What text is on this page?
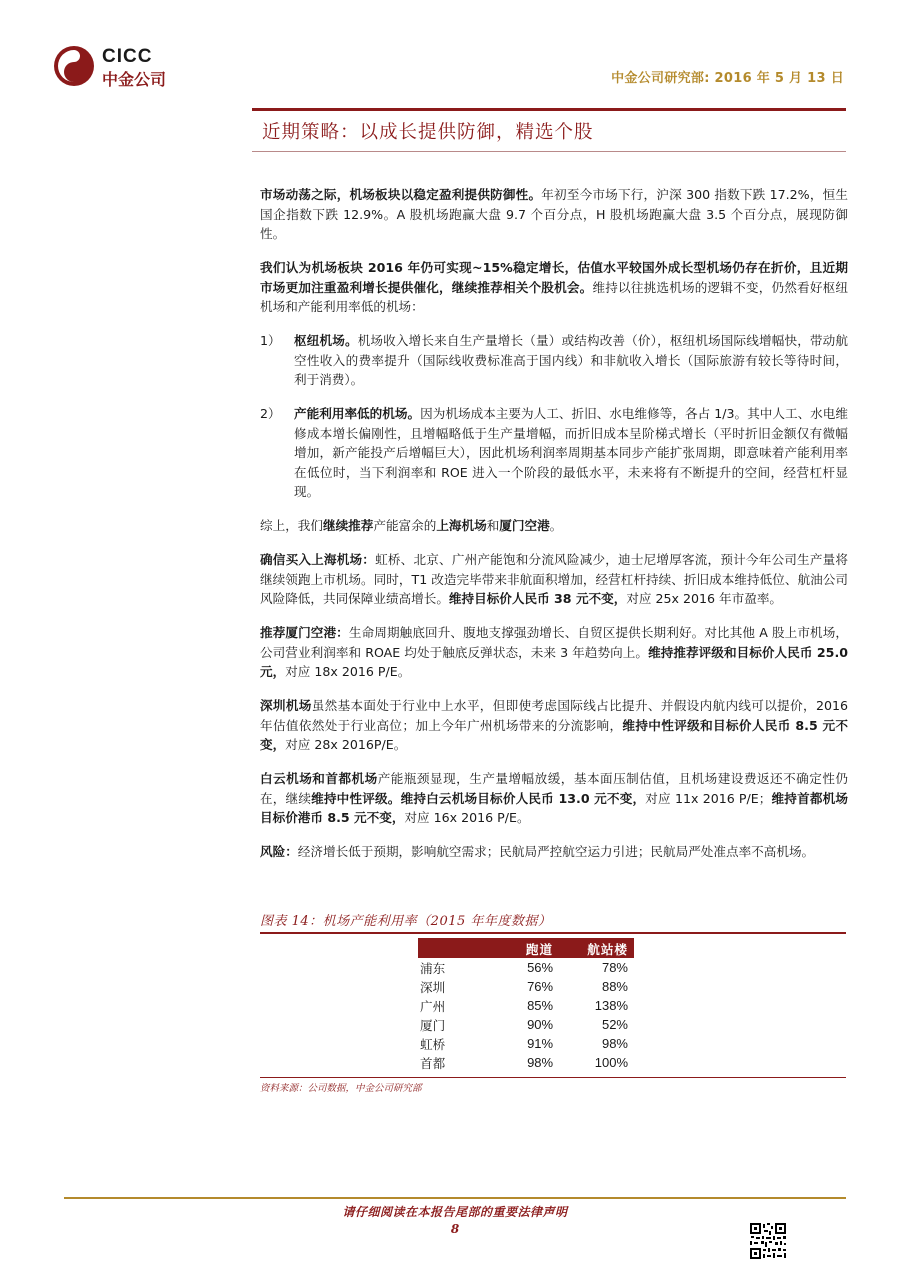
CICC
中金公司	中金公司研究部: 2016 年 5 月 13 日
近期策略：以成长提供防御，精选个股

市场动荡之际，机场板块以稳定盈利提供防御性。年初至今市场下行，沪深 300 指数下跌 17.2%，恒生国企指数下跌 12.9%。A 股机场跑赢大盘 9.7 个百分点，H 股机场跑赢大盘 3.5 个百分点，展现防御性。

我们认为机场板块 2016 年仍可实现~15%稳定增长，估值水平较国外成长型机场仍存在折价，且近期市场更加注重盈利增长提供催化，继续推荐相关个股机会。维持以往挑选机场的逻辑不变，仍然看好枢纽机场和产能利用率低的机场：

1）	枢纽机场。机场收入增长来自生产量增长（量）或结构改善（价），枢纽机场国际线增幅快，带动航空性收入的费率提升（国际线收费标准高于国内线）和非航收入增长（国际旅游有较长等待时间，利于消费）。
2）	产能利用率低的机场。因为机场成本主要为人工、折旧、水电维修等，各占 1/3。其中人工、水电维修成本增长偏刚性，且增幅略低于生产量增幅，而折旧成本呈阶梯式增长（平时折旧金额仅有微幅增加，新产能投产后增幅巨大），因此机场利润率周期基本同步产能扩张周期，即意味着产能利用率在低位时，当下利润率和 ROE 进入一个阶段的最低水平，未来将有不断提升的空间，经营杠杆显现。

综上，我们继续推荐产能富余的上海机场和厦门空港。

确信买入上海机场：虹桥、北京、广州产能饱和分流风险减少，迪士尼增厚客流，预计今年公司生产量将继续领跑上市机场。同时，T1 改造完毕带来非航面积增加，经营杠杆持续、折旧成本维持低位、航油公司风险降低，共同保障业绩高增长。维持目标价人民币 38 元不变，对应 25x 2016 年市盈率。

推荐厦门空港：生命周期触底回升、腹地支撑强劲增长、自贸区提供长期利好。对比其他 A 股上市机场，公司营业利润率和 ROAE 均处于触底反弹状态，未来 3 年趋势向上。维持推荐评级和目标价人民币 25.0 元，对应 18x 2016 P/E。

深圳机场虽然基本面处于行业中上水平，但即使考虑国际线占比提升、并假设内航内线可以提价，2016 年估值依然处于行业高位；加上今年广州机场带来的分流影响，维持中性评级和目标价人民币 8.5 元不变，对应 28x 2016P/E。

白云机场和首都机场产能瓶颈显现，生产量增幅放缓，基本面压制估值，且机场建设费返还不确定性仍在，继续维持中性评级。维持白云机场目标价人民币 13.0 元不变，对应 11x 2016 P/E；维持首都机场目标价港币 8.5 元不变，对应 16x 2016 P/E。

风险：经济增长低于预期，影响航空需求；民航局严控航空运力引进；民航局严处准点率不高机场。

图表 14：机场产能利用率（2015 年年度数据）
	跑道	航站楼
浦东	56%	78%
深圳	76%	88%
广州	85%	138%
厦门	90%	52%
虹桥	91%	98%
首都	98%	100%
资料来源：公司数据，中金公司研究部
请仔细阅读在本报告尾部的重要法律声明
8
